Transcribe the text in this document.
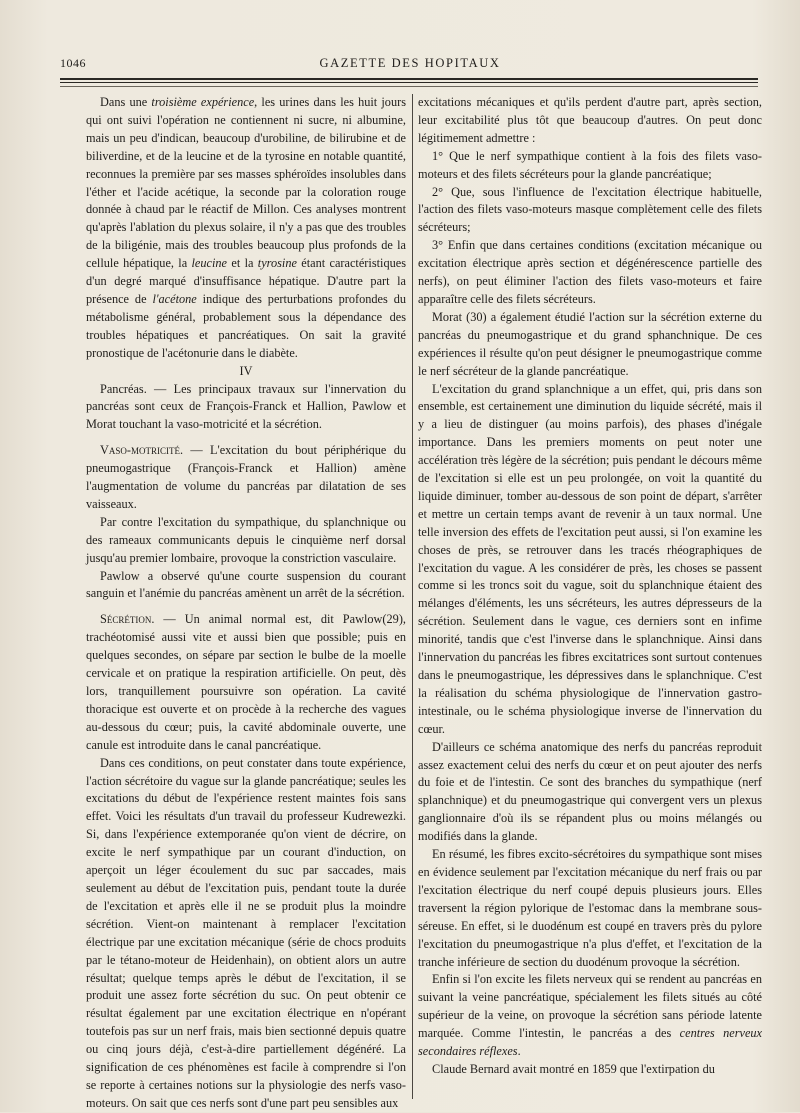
1046	GAZETTE DES HOPITAUX

Dans une troisième expérience, les urines dans les huit jours qui ont suivi l'opération ne contiennent ni sucre, ni albumine, mais un peu d'indican, beaucoup d'urobiline, de bilirubine et de biliverdine, et de la leucine et de la tyrosine en notable quantité, reconnues la première par ses masses sphéroïdes insolubles dans l'éther et l'acide acétique, la seconde par la coloration rouge donnée à chaud par le réactif de Millon. Ces analyses montrent qu'après l'ablation du plexus solaire, il n'y a pas que des troubles de la biligénie, mais des troubles beaucoup plus profonds de la cellule hépatique, la leucine et la tyrosine étant caractéristiques d'un degré marqué d'insuffisance hépatique. D'autre part la présence de l'acétone indique des perturbations profondes du métabolisme général, probablement sous la dépendance des troubles hépatiques et pancréatiques. On sait la gravité pronostique de l'acétonurie dans le diabète.

IV

Pancréas. — Les principaux travaux sur l'innervation du pancréas sont ceux de François-Franck et Hallion, Pawlow et Morat touchant la vaso-motricité et la sécrétion.

Vaso-motricité. — L'excitation du bout périphérique du pneumogastrique (François-Franck et Hallion) amène l'augmentation de volume du pancréas par dilatation de ses vaisseaux.

Par contre l'excitation du sympathique, du splanchnique ou des rameaux communicants depuis le cinquième nerf dorsal jusqu'au premier lombaire, provoque la constriction vasculaire.

Pawlow a observé qu'une courte suspension du courant sanguin et l'anémie du pancréas amènent un arrêt de la sécrétion.

Sécrétion. — Un animal normal est, dit Pawlow(29), trachéotomisé aussi vite et aussi bien que possible; puis en quelques secondes, on sépare par section le bulbe de la moelle cervicale et on pratique la respiration artificielle. On peut, dès lors, tranquillement poursuivre son opération. La cavité thoracique est ouverte et on procède à la recherche des vagues au-dessous du cœur; puis, la cavité abdominale ouverte, une canule est introduite dans le canal pancréatique.

Dans ces conditions, on peut constater dans toute expérience, l'action sécrétoire du vague sur la glande pancréatique; seules les excitations du début de l'expérience restent maintes fois sans effet. Voici les résultats d'un travail du professeur Kudrewezki. Si, dans l'expérience extemporanée qu'on vient de décrire, on excite le nerf sympathique par un courant d'induction, on aperçoit un léger écoulement du suc par saccades, mais seulement au début de l'excitation puis, pendant toute la durée de l'excitation et après elle il ne se produit plus la moindre sécrétion. Vient-on maintenant à remplacer l'excitation électrique par une excitation mécanique (série de chocs produits par le tétano-moteur de Heidenhain), on obtient alors un autre résultat; quelque temps après le début de l'excitation, il se produit une assez forte sécrétion du suc. On peut obtenir ce résultat également par une excitation électrique en n'opérant toutefois pas sur un nerf frais, mais bien sectionné depuis quatre ou cinq jours déjà, c'est-à-dire partiellement dégénéré. La signification de ces phénomènes est facile à comprendre si l'on se reporte à certaines notions sur la physiologie des nerfs vaso-moteurs. On sait que ces nerfs sont d'une part peu sensibles aux

excitations mécaniques et qu'ils perdent d'autre part, après section, leur excitabilité plus tôt que beaucoup d'autres. On peut donc légitimement admettre :

1° Que le nerf sympathique contient à la fois des filets vaso-moteurs et des filets sécréteurs pour la glande pancréatique;

2° Que, sous l'influence de l'excitation électrique habituelle, l'action des filets vaso-moteurs masque complètement celle des filets sécréteurs;

3° Enfin que dans certaines conditions (excitation mécanique ou excitation électrique après section et dégénérescence partielle des nerfs), on peut éliminer l'action des filets vaso-moteurs et faire apparaître celle des filets sécréteurs.

Morat (30) a également étudié l'action sur la sécrétion externe du pancréas du pneumogastrique et du grand sphanchnique. De ces expériences il résulte qu'on peut désigner le pneumogastrique comme le nerf sécréteur de la glande pancréatique.

L'excitation du grand splanchnique a un effet, qui, pris dans son ensemble, est certainement une diminution du liquide sécrété, mais il y a lieu de distinguer (au moins parfois), des phases d'inégale importance. Dans les premiers moments on peut noter une accélération très légère de la sécrétion; puis pendant le décours même de l'excitation si elle est un peu prolongée, on voit la quantité du liquide diminuer, tomber au-dessous de son point de départ, s'arrêter et mettre un certain temps avant de revenir à un taux normal. Une telle inversion des effets de l'excitation peut aussi, si l'on examine les choses de près, se retrouver dans les tracés rhéographiques de l'excitation du vague. A les considérer de près, les choses se passent comme si les troncs soit du vague, soit du splanchnique étaient des mélanges d'éléments, les uns sécréteurs, les autres dépresseurs de la sécrétion. Seulement dans le vague, ces derniers sont en infime minorité, tandis que c'est l'inverse dans le splanchnique. Ainsi dans l'innervation du pancréas les fibres excitatrices sont surtout contenues dans le pneumogastrique, les dépressives dans le splanchnique. C'est la réalisation du schéma physiologique de l'innervation gastro-intestinale, ou le schéma physiologique inverse de l'innervation du cœur.

D'ailleurs ce schéma anatomique des nerfs du pancréas reproduit assez exactement celui des nerfs du cœur et on peut ajouter des nerfs du foie et de l'intestin. Ce sont des branches du sympathique (nerf splanchnique) et du pneumogastrique qui convergent vers un plexus ganglionnaire d'où ils se répandent plus ou moins mélangés ou modifiés dans la glande.

En résumé, les fibres excito-sécrétoires du sympathique sont mises en évidence seulement par l'excitation mécanique du nerf frais ou par l'excitation électrique du nerf coupé depuis plusieurs jours. Elles traversent la région pylorique de l'estomac dans la membrane sous-séreuse. En effet, si le duodénum est coupé en travers près du pylore l'excitation du pneumogastrique n'a plus d'effet, et l'excitation de la tranche inférieure de section du duodénum provoque la sécrétion.

Enfin si l'on excite les filets nerveux qui se rendent au pancréas en suivant la veine pancréatique, spécialement les filets situés au côté supérieur de la veine, on provoque la sécrétion sans période latente marquée. Comme l'intestin, le pancréas a des centres nerveux secondaires réflexes.

Claude Bernard avait montré en 1859 que l'extirpation du
